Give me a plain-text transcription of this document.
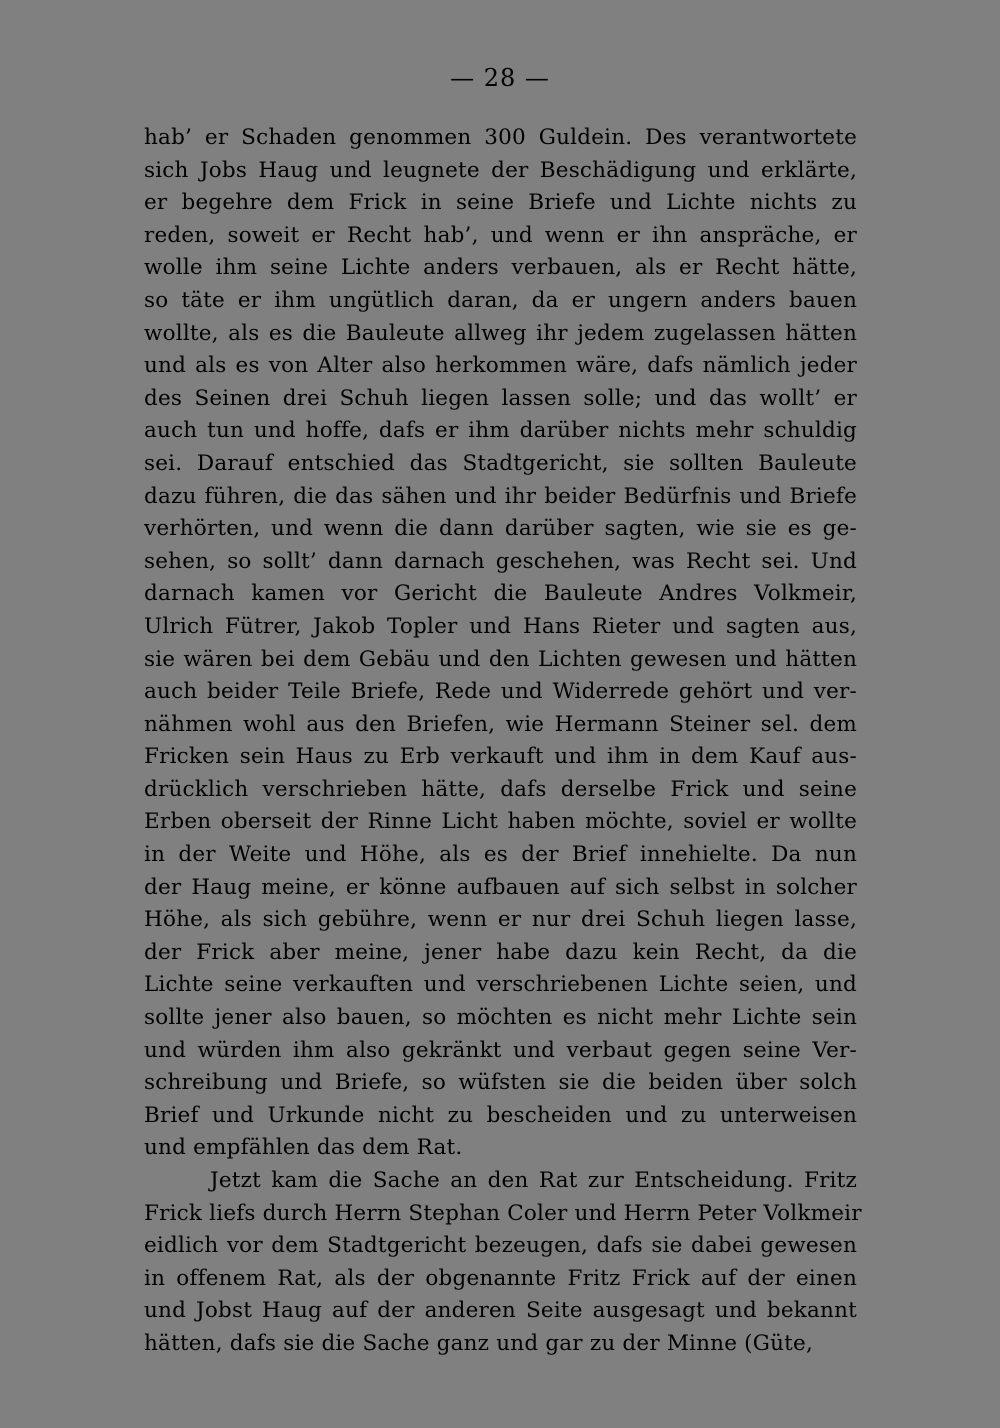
— 28 —
hab’ er Schaden genommen 300 Guldein. Des verantwortete
sich Jobs Haug und leugnete der Beschädigung und erklärte,
er begehre dem Frick in seine Briefe und Lichte nichts zu
reden, soweit er Recht hab’, und wenn er ihn anspräche, er
wolle ihm seine Lichte anders verbauen, als er Recht hätte,
so täte er ihm ungütlich daran, da er ungern anders bauen
wollte, als es die Bauleute allweg ihr jedem zugelassen hätten
und als es von Alter also herkommen wäre, dafs nämlich jeder
des Seinen drei Schuh liegen lassen solle; und das wollt’ er
auch tun und hoffe, dafs er ihm darüber nichts mehr schuldig
sei. Darauf entschied das Stadtgericht, sie sollten Bauleute
dazu führen, die das sähen und ihr beider Bedürfnis und Briefe
verhörten, und wenn die dann darüber sagten, wie sie es ge-
sehen, so sollt’ dann darnach geschehen, was Recht sei. Und
darnach kamen vor Gericht die Bauleute Andres Volkmeir,
Ulrich Fütrer, Jakob Topler und Hans Rieter und sagten aus,
sie wären bei dem Gebäu und den Lichten gewesen und hätten
auch beider Teile Briefe, Rede und Widerrede gehört und ver-
nähmen wohl aus den Briefen, wie Hermann Steiner sel. dem
Fricken sein Haus zu Erb verkauft und ihm in dem Kauf aus-
drücklich verschrieben hätte, dafs derselbe Frick und seine
Erben oberseit der Rinne Licht haben möchte, soviel er wollte
in der Weite und Höhe, als es der Brief innehielte. Da nun
der Haug meine, er könne aufbauen auf sich selbst in solcher
Höhe, als sich gebühre, wenn er nur drei Schuh liegen lasse,
der Frick aber meine, jener habe dazu kein Recht, da die
Lichte seine verkauften und verschriebenen Lichte seien, und
sollte jener also bauen, so möchten es nicht mehr Lichte sein
und würden ihm also gekränkt und verbaut gegen seine Ver-
schreibung und Briefe, so wüfsten sie die beiden über solch
Brief und Urkunde nicht zu bescheiden und zu unterweisen
und empfählen das dem Rat.
Jetzt kam die Sache an den Rat zur Entscheidung. Fritz
Frick liefs durch Herrn Stephan Coler und Herrn Peter Volkmeir
eidlich vor dem Stadtgericht bezeugen, dafs sie dabei gewesen
in offenem Rat, als der obgenannte Fritz Frick auf der einen
und Jobst Haug auf der anderen Seite ausgesagt und bekannt
hätten, dafs sie die Sache ganz und gar zu der Minne (Güte,
